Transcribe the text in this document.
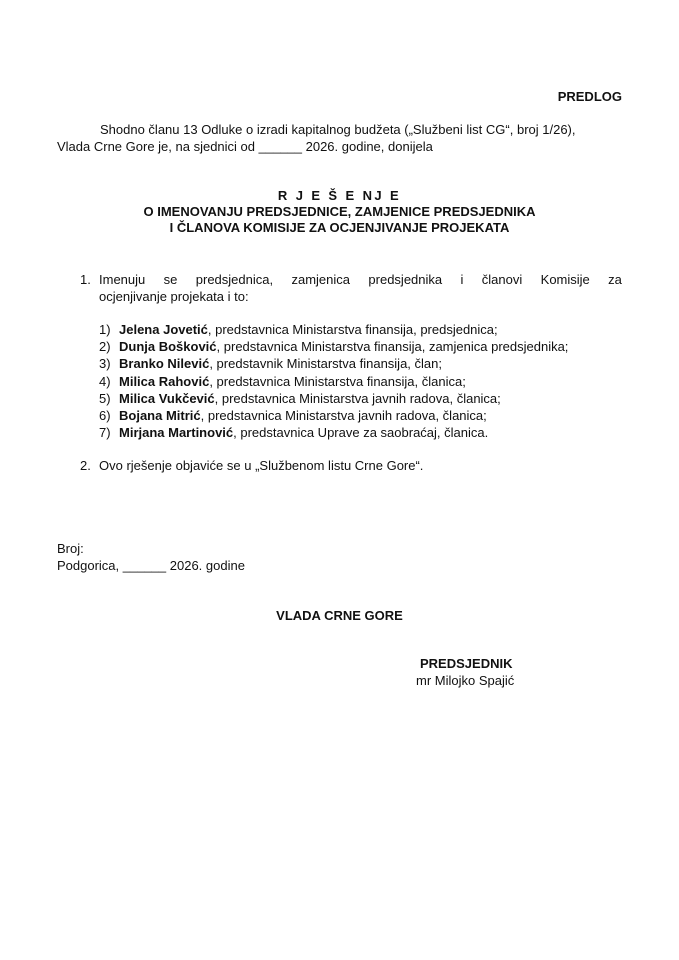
PREDLOG
Shodno članu 13 Odluke o izradi kapitalnog budžeta („Službeni list CG“, broj 1/26),
Vlada Crne Gore je, na sjednici od ______ 2026. godine, donijela
R J E Š E NJ E
O IMENOVANJU PREDSJEDNICE, ZAMJENICE PREDSJEDNIKA
I ČLANOVA KOMISIJE ZA OCJENJIVANJE PROJEKATA
1. Imenuju se predsjednica, zamjenica predsjednika i članovi Komisije za
ocjenjivanje projekata i to:
1) Jelena Jovetić , predstavnica Ministarstva finansija, predsjednica;
2) Dunja Bošković , predstavnica Ministarstva finansija, zamjenica predsjednika;
3) Branko Nilević , predstavnik Ministarstva finansija, član;
4) Milica Rahović , predstavnica Ministarstva finansija, članica;
5) Milica Vukčević , predstavnica Ministarstva javnih radova, članica;
6) Bojana Mitrić , predstavnica Ministarstva javnih radova, članica;
7) Mirjana Martinović , predstavnica Uprave za saobraćaj, članica.
2. Ovo rješenje objaviće se u „Službenom listu Crne Gore“.
Broj:
Podgorica, ______ 2026. godine
VLADA CRNE GORE
PREDSJEDNIK
mr Milojko Spajić
